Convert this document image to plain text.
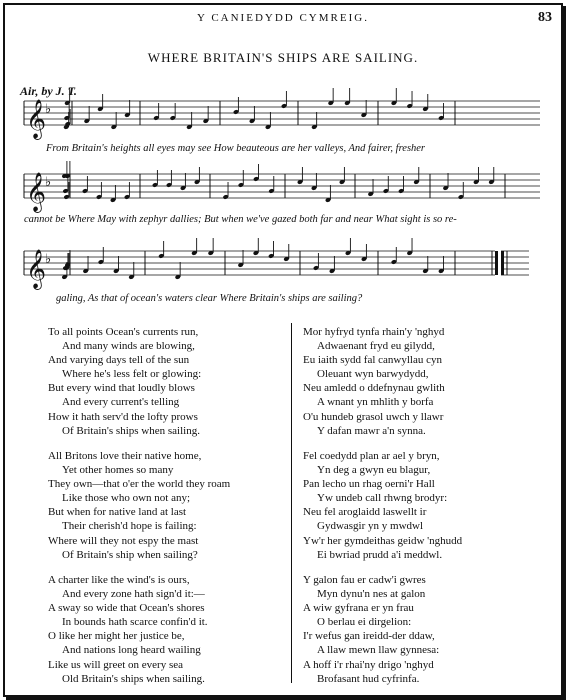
Y CANIEDYDD CYMREIG.	83
WHERE BRITAIN'S SHIPS ARE SAILING.
Air, by J. T.
𝄞
♭
𝄞
♭
𝄞
♭
From Britain's heights all eyes may see How beauteous are her valleys, And fairer, fresher
cannot be Where May with zephyr dallies; But when we've gazed both far and near What sight is so re-
galing, As that of ocean's waters clear Where Britain's ships are sailing?
To all points Ocean's currents run,
And many winds are blowing,
And varying days tell of the sun
Where he's less felt or glowing:
But every wind that loudly blows
And every current's telling
How it hath serv'd the lofty prows
Of Britain's ships when sailing.
All Britons love their native home,
Yet other homes so many
They own—that o'er the world they roam
Like those who own not any;
But when for native land at last
Their cherish'd hope is failing:
Where will they not espy the mast
Of Britain's ship when sailing?
A charter like the wind's is ours,
And every zone hath sign'd it:—
A sway so wide that Ocean's shores
In bounds hath scarce confin'd it.
O like her might her justice be,
And nations long heard wailing
Like us will greet on every sea
Old Britain's ships when sailing.
Mor hyfryd tynfa rhain'y 'nghyd
Adwaenant fryd eu gilydd,
Eu iaith sydd fal canwyllau cyn
Oleuant wyn barwydydd,
Neu amledd o ddefnynau gwlith
A wnant yn mhlith y borfa
O'u hundeb grasol uwch y llawr
Y dafan mawr a'n synna.
Fel coedydd plan ar ael y bryn,
Yn deg a gwyn eu blagur,
Pan lecho un rhag oerni'r Hall
Yw undeb call rhwng brodyr:
Neu fel aroglaidd laswellt ir
Gydwasgir yn y mwdwl
Yw'r her gymdeithas geidw 'nghudd
Ei bwriad prudd a'i meddwl.
Y galon fau er cadw'i gwres
Myn dynu'n nes at galon
A wiw gyfrana er yn frau
O berlau ei dirgelion:
I'r wefus gan ireidd-der ddaw,
A llaw mewn llaw gynnesa:
A hoff i'r rhai'ny drigo 'nghyd
Brofasant hud cyfrinfa.
